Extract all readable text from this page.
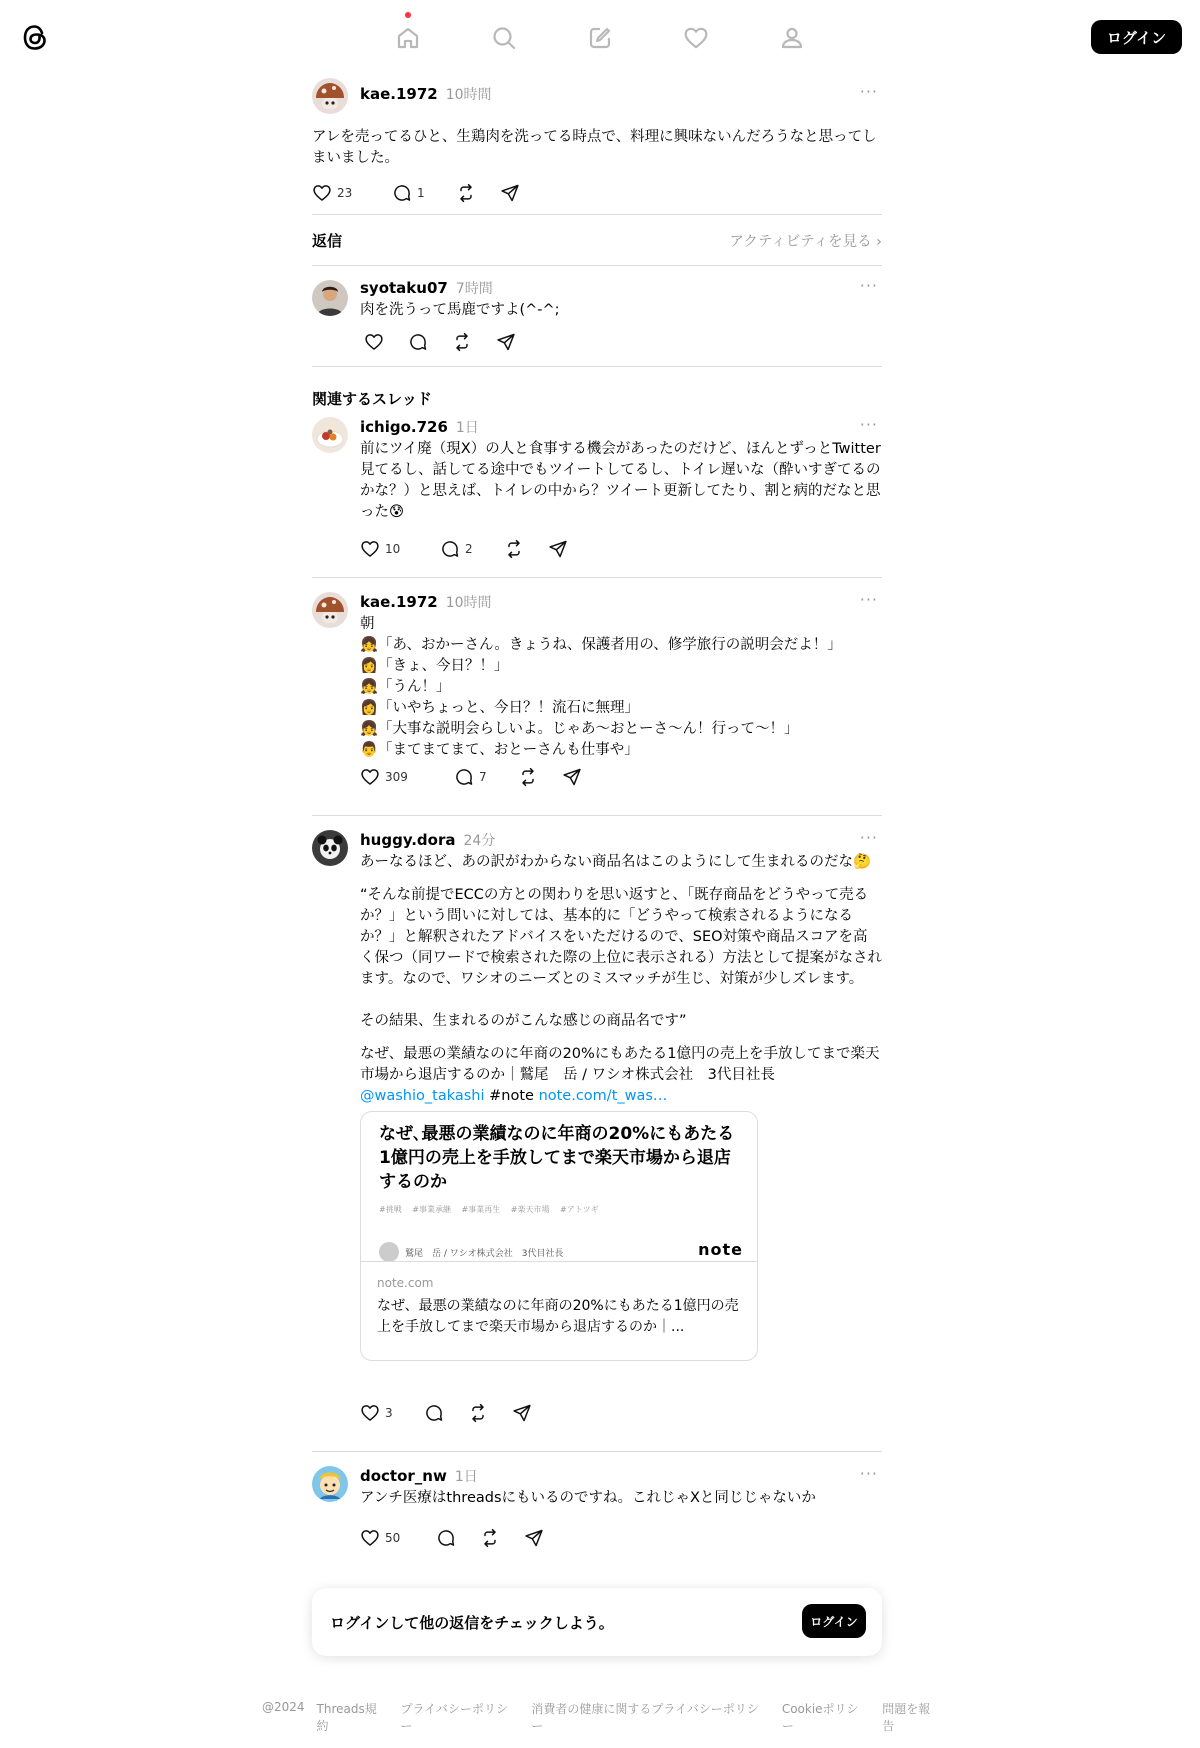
ログイン
kae.1972 10時間	···
アレを売ってるひと、生鶏肉を洗ってる時点で、料理に興味ないんだろうなと思ってしまいました。
23	1
返信	アクティビティを見る ›
syotaku07 7時間	···
肉を洗うって馬鹿ですよ(^-^;
関連するスレッド
ichigo.726 1日	···
前にツイ廃（現X）の人と食事する機会があったのだけど、ほんとずっとTwitter見てるし、話してる途中でもツイートしてるし、トイレ遅いな（酔いすぎてるのかな？）と思えば、トイレの中から？ツイート更新してたり、割と病的だなと思った😰
10	2
kae.1972 10時間	···
朝
👧「あ、おかーさん。きょうね、保護者用の、修学旅行の説明会だよ！」
👩「きょ、今日？！」
👧「うん！」
👩「いやちょっと、今日？！流石に無理」
👧「大事な説明会らしいよ。じゃあ〜おとーさ〜ん！行って〜！」
👨「まてまてまて、おとーさんも仕事や」
309	7
huggy.dora 24分	···
あーなるほど、あの訳がわからない商品名はこのようにして生まれるのだな🤔
“そんな前提でECCの方との関わりを思い返すと、「既存商品をどうやって売るか？」という問いに対しては、基本的に「どうやって検索されるようになるか？」と解釈されたアドバイスをいただけるので、SEO対策や商品スコアを高く保つ（同ワードで検索された際の上位に表示される）方法として提案がなされます。なので、ワシオのニーズとのミスマッチが生じ、対策が少しズレます。
その結果、生まれるのがこんな感じの商品名です”
なぜ、最悪の業績なのに年商の20%にもあたる1億円の売上を手放してまで楽天市場から退店するのか｜鷲尾　岳 / ワシオ株式会社　3代目社長
@washio_takashi #note note.com/t_was…
なぜ､最悪の業績なのに年商の20%にもあたる1億円の売上を手放してまで楽天市場から退店するのか
#挑戦 #事業承継 #事業再生 #楽天市場 #アトツギ
鷲尾　岳 / ワシオ株式会社　3代目社長	note
note.com
なぜ、最悪の業績なのに年商の20%にもあたる1億円の売上を手放してまで楽天市場から退店するのか｜...
3
doctor_nw 1日	···
アンチ医療はthreadsにもいるのですね。これじゃXと同じじゃないか
50
ログインして他の返信をチェックしよう。	ログイン
@2024 Threads規約
プライバシーポリシー
消費者の健康に関するプライバシーポリシー
Cookieポリシー
問題を報告
